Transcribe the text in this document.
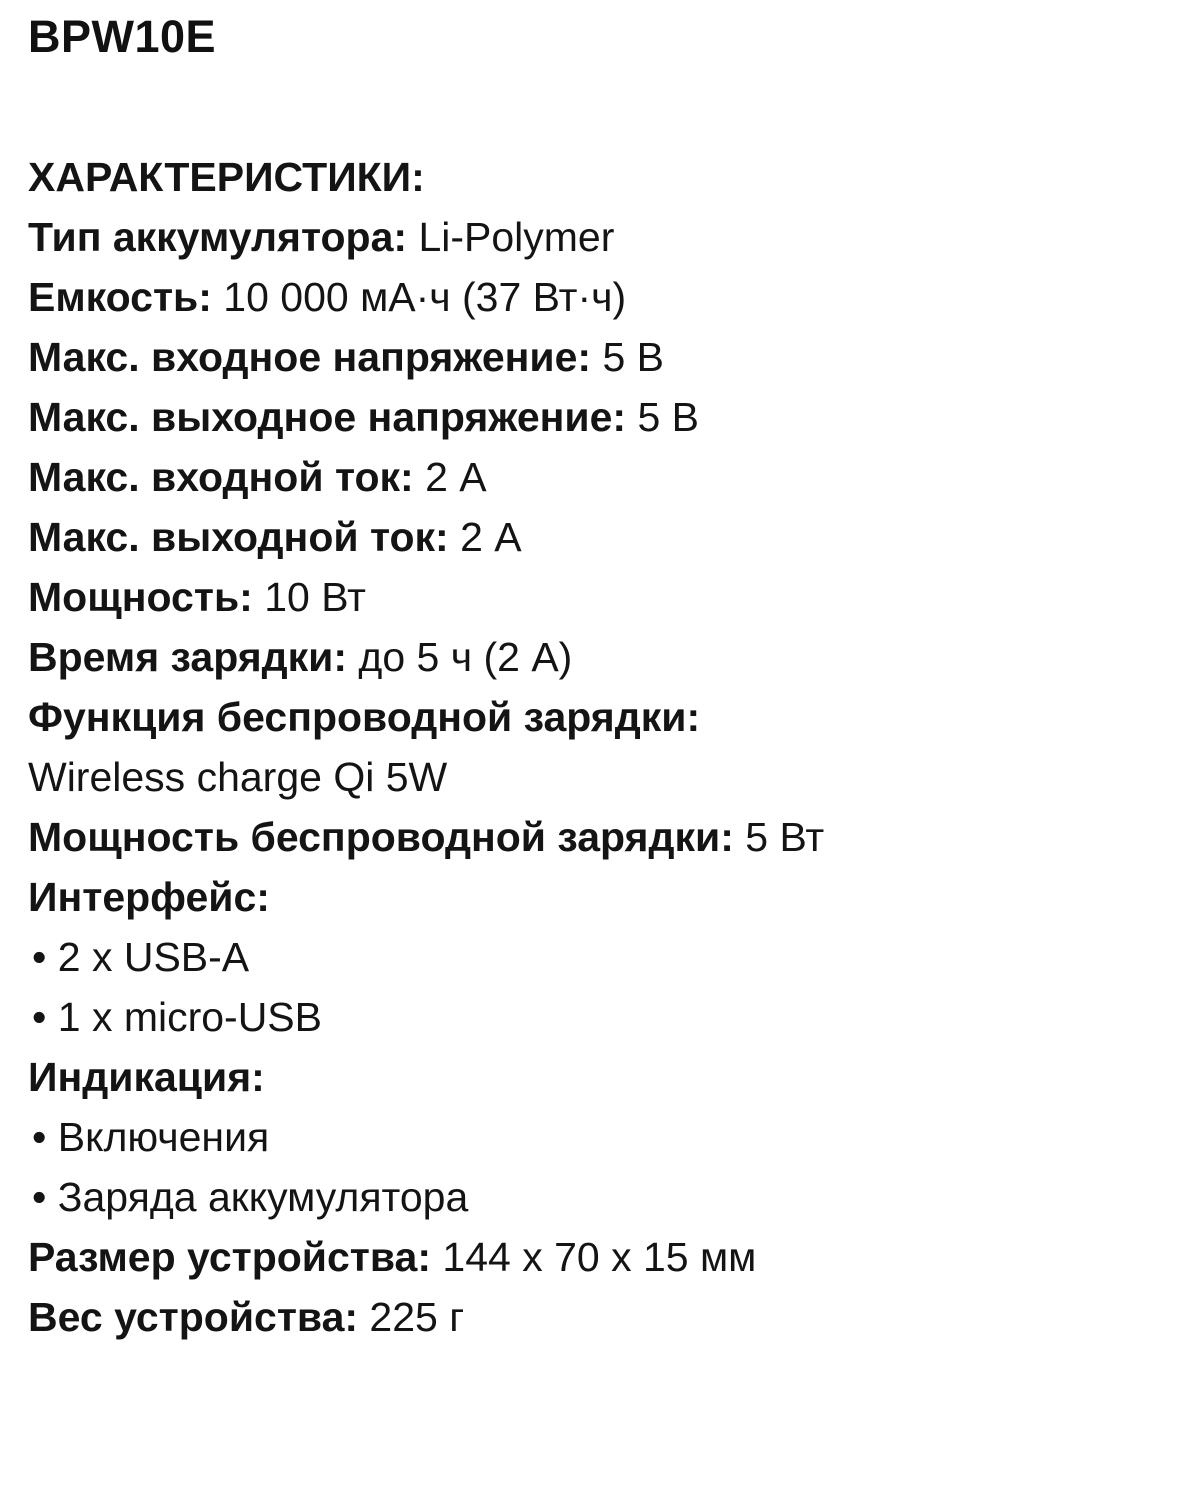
BPW10E
ХАРАКТЕРИСТИКИ:
Тип аккумулятора: Li-Polymer
Емкость: 10 000 мА·ч (37 Вт·ч)
Макс. входное напряжение: 5 В
Макс. выходное напряжение: 5 В
Макс. входной ток: 2 А
Макс. выходной ток: 2 А
Мощность: 10 Вт
Время зарядки: до 5 ч (2 А)
Функция беспроводной зарядки:
Wireless charge Qi 5W
Мощность беспроводной зарядки: 5 Вт
Интерфейс:
• 2 x USB-A
• 1 x micro-USB
Индикация:
• Включения
• Заряда аккумулятора
Размер устройства: 144 x 70 x 15 мм
Вес устройства: 225 г
